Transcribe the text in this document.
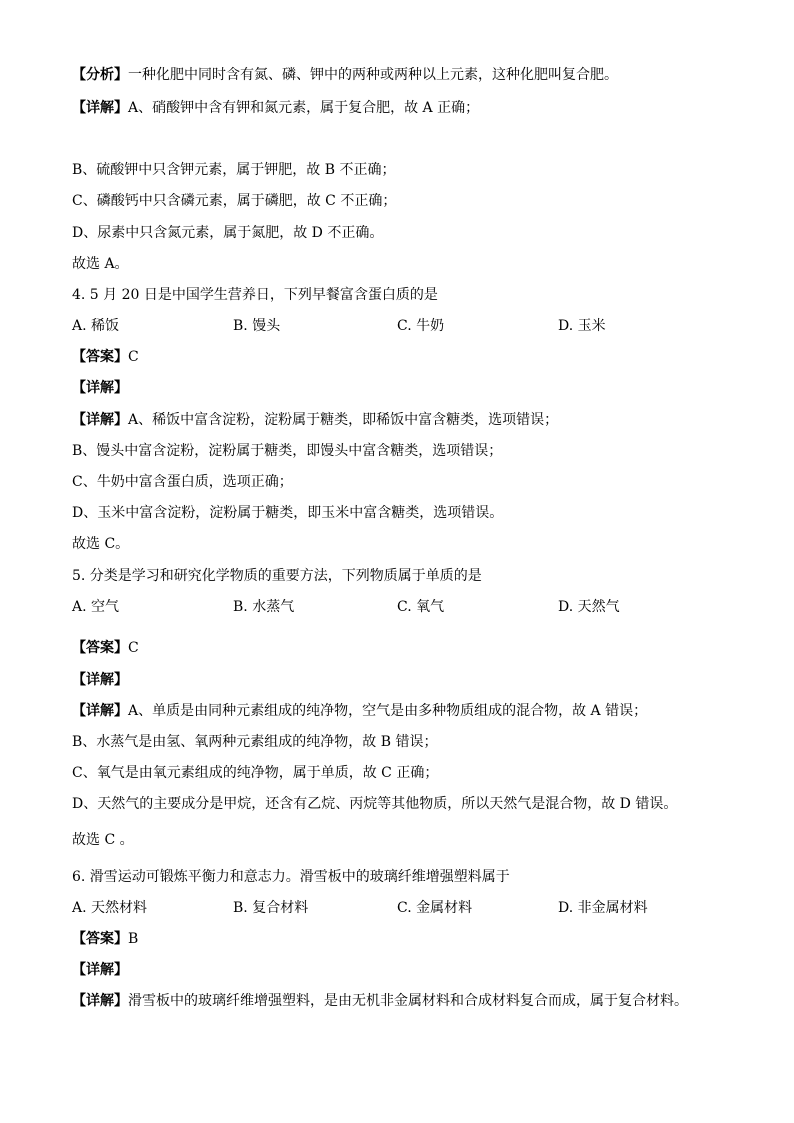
【分析】一种化肥中同时含有氮、磷、钾中的两种或两种以上元素，这种化肥叫复合肥。
【详解】A、硝酸钾中含有钾和氮元素，属于复合肥，故 A 正确；
B、硫酸钾中只含钾元素，属于钾肥，故 B 不正确；
C、磷酸钙中只含磷元素，属于磷肥，故 C 不正确；
D、尿素中只含氮元素，属于氮肥，故 D 不正确。
故选 A。
4. 5 月 20 日是中国学生营养日，下列早餐富含蛋白质的是
A. 稀饭	B. 馒头	C. 牛奶	D. 玉米
【答案】C
【详解】
【详解】A、稀饭中富含淀粉，淀粉属于糖类，即稀饭中富含糖类，选项错误；
B、馒头中富含淀粉，淀粉属于糖类，即馒头中富含糖类，选项错误；
C、牛奶中富含蛋白质，选项正确；
D、玉米中富含淀粉，淀粉属于糖类，即玉米中富含糖类，选项错误。
故选 C。
5. 分类是学习和研究化学物质的重要方法，下列物质属于单质的是
A. 空气	B. 水蒸气	C. 氧气	D. 天然气
【答案】C
【详解】
【详解】A、单质是由同种元素组成的纯净物，空气是由多种物质组成的混合物，故 A 错误；
B、水蒸气是由氢、氧两种元素组成的纯净物，故 B 错误；
C、氧气是由氧元素组成的纯净物，属于单质，故 C 正确；
D、天然气的主要成分是甲烷，还含有乙烷、丙烷等其他物质，所以天然气是混合物，故 D 错误。
故选 C 。
6. 滑雪运动可锻炼平衡力和意志力。滑雪板中的玻璃纤维增强塑料属于
A. 天然材料	B. 复合材料	C. 金属材料	D. 非金属材料
【答案】B
【详解】
【详解】滑雪板中的玻璃纤维增强塑料，是由无机非金属材料和合成材料复合而成，属于复合材料。
